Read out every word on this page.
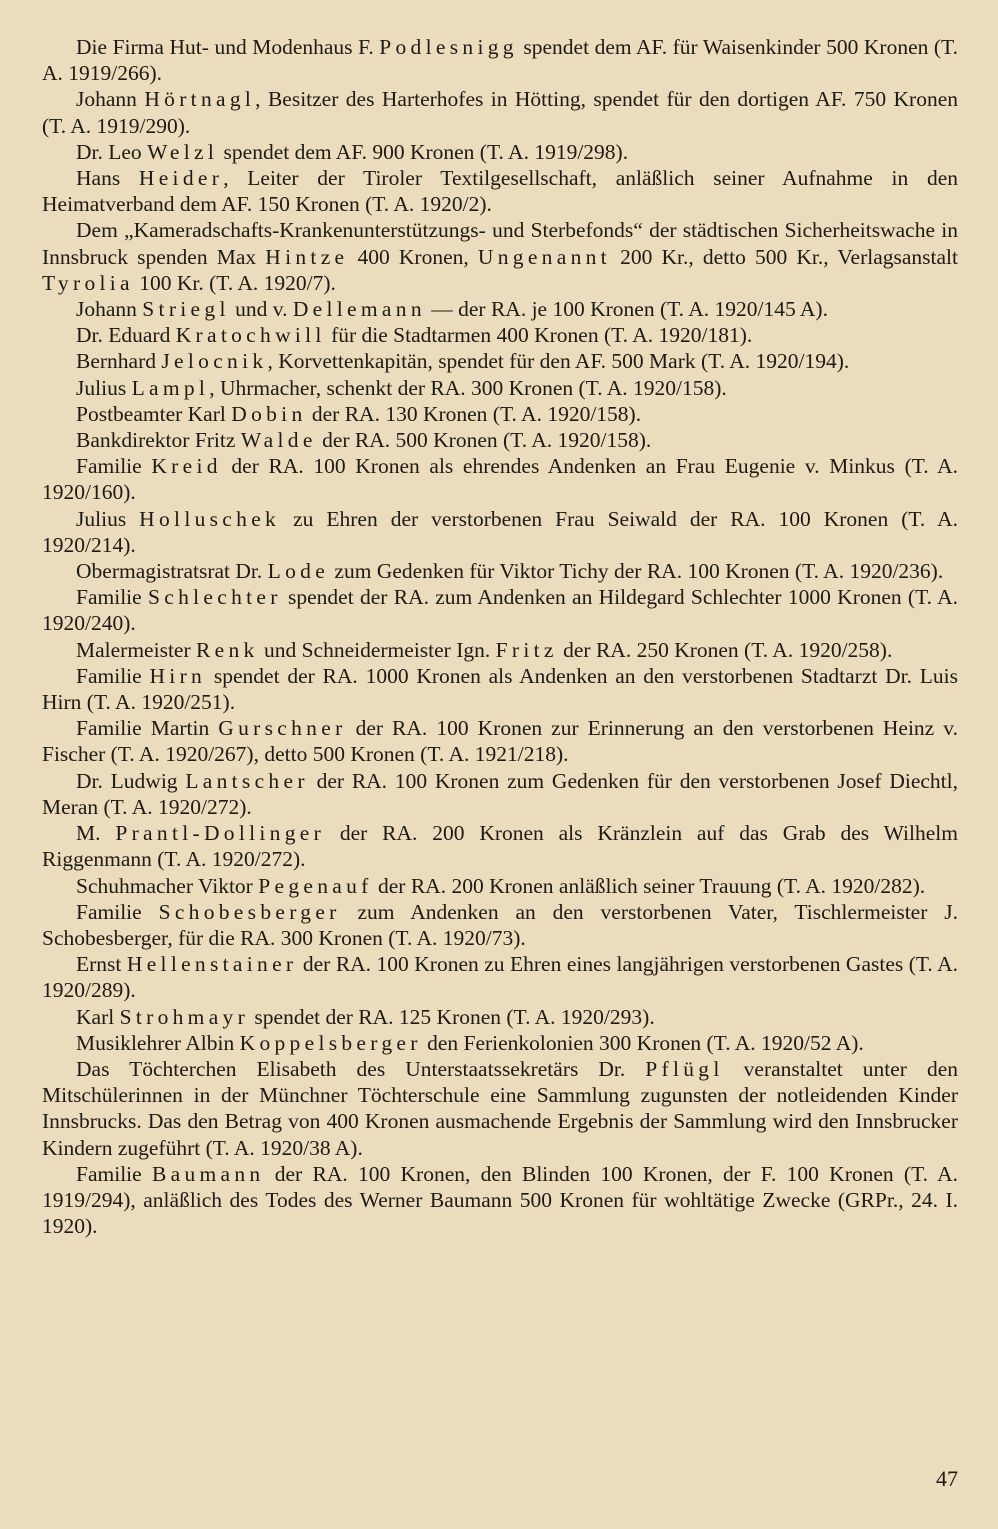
Die Firma Hut- und Modenhaus F. Podlesnigg spendet dem AF. für Waisenkinder 500 Kronen (T. A. 1919/266).

Johann Hörtnagl, Besitzer des Harterhofes in Hötting, spendet für den dortigen AF. 750 Kronen (T. A. 1919/290).

Dr. Leo Welzl spendet dem AF. 900 Kronen (T. A. 1919/298).

Hans Heider, Leiter der Tiroler Textilgesellschaft, anläßlich seiner Aufnahme in den Heimatverband dem AF. 150 Kronen (T. A. 1920/2).

Dem „Kameradschafts-Krankenunterstützungs- und Sterbefonds“ der städtischen Sicherheitswache in Innsbruck spenden Max Hintze 400 Kronen, Ungenannt 200 Kr., detto 500 Kr., Verlagsanstalt Tyrolia 100 Kr. (T. A. 1920/7).

Johann Striegl und v. Dellemann — der RA. je 100 Kronen (T. A. 1920/145 A).

Dr. Eduard Kratochwill für die Stadtarmen 400 Kronen (T. A. 1920/181).

Bernhard Jelocnik, Korvettenkapitän, spendet für den AF. 500 Mark (T. A. 1920/194).

Julius Lampl, Uhrmacher, schenkt der RA. 300 Kronen (T. A. 1920/158).

Postbeamter Karl Dobin der RA. 130 Kronen (T. A. 1920/158).

Bankdirektor Fritz Walde der RA. 500 Kronen (T. A. 1920/158).

Familie Kreid der RA. 100 Kronen als ehrendes Andenken an Frau Eugenie v. Minkus (T. A. 1920/160).

Julius Holluschek zu Ehren der verstorbenen Frau Seiwald der RA. 100 Kronen (T. A. 1920/214).

Obermagistratsrat Dr. Lode zum Gedenken für Viktor Tichy der RA. 100 Kronen (T. A. 1920/236).

Familie Schlechter spendet der RA. zum Andenken an Hildegard Schlechter 1000 Kronen (T. A. 1920/240).

Malermeister Renk und Schneidermeister Ign. Fritz der RA. 250 Kronen (T. A. 1920/258).

Familie Hirn spendet der RA. 1000 Kronen als Andenken an den verstorbenen Stadtarzt Dr. Luis Hirn (T. A. 1920/251).

Familie Martin Gurschner der RA. 100 Kronen zur Erinnerung an den verstorbenen Heinz v. Fischer (T. A. 1920/267), detto 500 Kronen (T. A. 1921/218).

Dr. Ludwig Lantscher der RA. 100 Kronen zum Gedenken für den verstorbenen Josef Diechtl, Meran (T. A. 1920/272).

M. Prantl-Dollinger der RA. 200 Kronen als Kränzlein auf das Grab des Wilhelm Riggenmann (T. A. 1920/272).

Schuhmacher Viktor Pegenauf der RA. 200 Kronen anläßlich seiner Trauung (T. A. 1920/282).

Familie Schobesberger zum Andenken an den verstorbenen Vater, Tischlermeister J. Schobesberger, für die RA. 300 Kronen (T. A. 1920/73).

Ernst Hellenstainer der RA. 100 Kronen zu Ehren eines langjährigen verstorbenen Gastes (T. A. 1920/289).

Karl Strohmayr spendet der RA. 125 Kronen (T. A. 1920/293).

Musiklehrer Albin Koppelsberger den Ferienkolonien 300 Kronen (T. A. 1920/52 A).

Das Töchterchen Elisabeth des Unterstaatssekretärs Dr. Pflügl veranstaltet unter den Mitschülerinnen in der Münchner Töchterschule eine Sammlung zugunsten der notleidenden Kinder Innsbrucks. Das den Betrag von 400 Kronen ausmachende Ergebnis der Sammlung wird den Innsbrucker Kindern zugeführt (T. A. 1920/38 A).

Familie Baumann der RA. 100 Kronen, den Blinden 100 Kronen, der F. 100 Kronen (T. A. 1919/294), anläßlich des Todes des Werner Baumann 500 Kronen für wohltätige Zwecke (GRPr., 24. I. 1920).

47
